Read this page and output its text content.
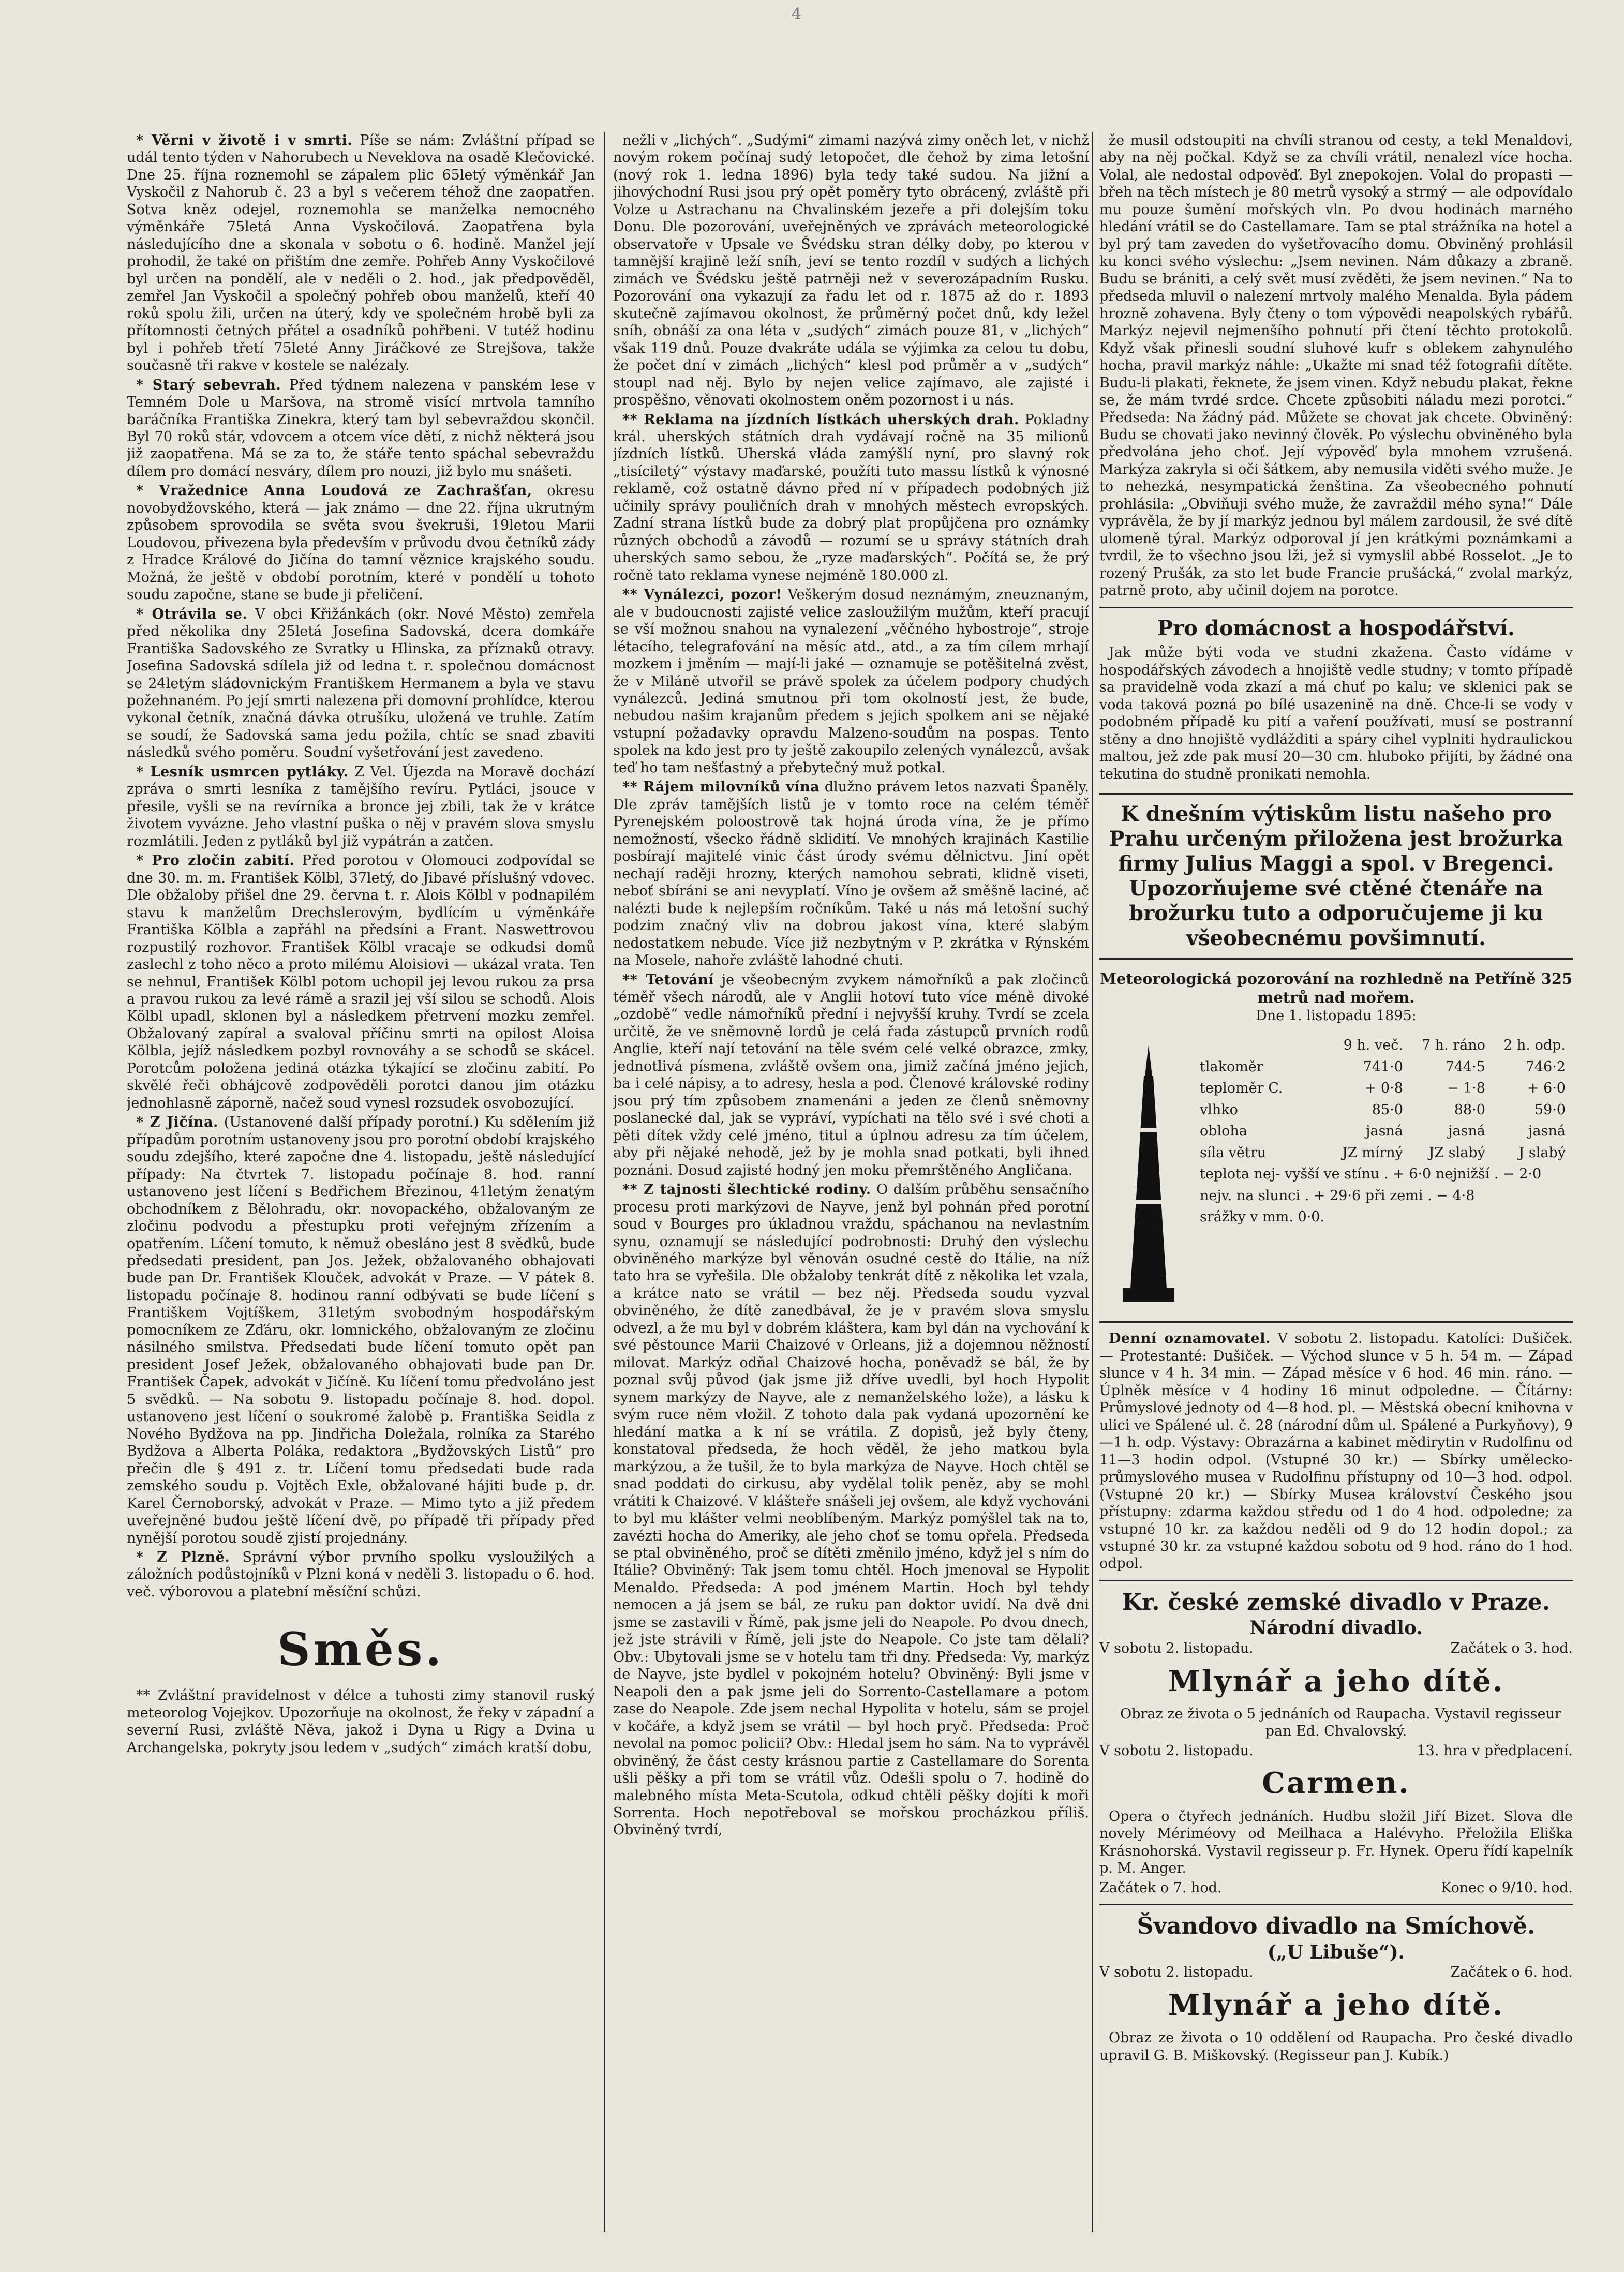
4

* Věrni v životě i v smrti. Píše se nám: Zvláštní případ se udál tento týden v Nahorubech u Neveklova na osadě Klečovické. Dne 25. října roznemohl se zápalem plic 65letý výměnkář Jan Vyskočil z Nahorub č. 23 a byl s večerem téhož dne zaopatřen. Sotva kněz odejel, roznemohla se manželka nemocného výměnkáře 75letá Anna Vyskočilová. Zaopatřena byla následujícího dne a skonala v sobotu o 6. hodině. Manžel její prohodil, že také on přištím dne zemře. Pohřeb Anny Vyskočilové byl určen na pondělí, ale v neděli o 2. hod., jak předpověděl, zemřel Jan Vyskočil a společný pohřeb obou manželů, kteří 40 roků spolu žili, určen na úterý, kdy ve společném hrobě byli za přítomnosti četných přátel a osadníků pohřbeni. V tutéž hodinu byl i pohřeb třetí 75leté Anny Jiráčkové ze Strejšova, takže současně tři rakve v kostele se nalézaly.

* Starý sebevrah. Před týdnem nalezena v panském lese v Temném Dole u Maršova, na stromě visící mrtvola tamního baráčníka Františka Zinekra, který tam byl sebevraždou skončil. Byl 70 roků stár, vdovcem a otcem více dětí, z nichž některá jsou již zaopatřena. Má se za to, že stáře tento spáchal sebevraždu dílem pro domácí nesváry, dílem pro nouzi, již bylo mu snášeti.

* Vražednice Anna Loudová ze Zachrašťan, okresu novobydžovského, která — jak známo — dne 22. října ukrutným způsobem sprovodila se světa svou švekruši, 19letou Marii Loudovou, přivezena byla především v průvodu dvou četníků zády z Hradce Králové do Jičína do tamní věznice krajského soudu. Možná, že ještě v období porotním, které v pondělí u tohoto soudu započne, stane se bude ji přeličení.

* Otrávila se. V obci Křižánkách (okr. Nové Město) zemřela před několika dny 25letá Josefina Sadovská, dcera domkáře Františka Sadovského ze Svratky u Hlinska, za příznaků otravy. Josefina Sadovská sdílela již od ledna t. r. společnou domácnost se 24letým sládovnickým Františkem Hermanem a byla ve stavu požehnaném. Po její smrti nalezena při domovní prohlídce, kterou vykonal četník, značná dávka otrušíku, uložená ve truhle. Zatím se soudí, že Sadovská sama jedu požila, chtíc se snad zbaviti následků svého poměru. Soudní vyšetřování jest zavedeno.

* Lesník usmrcen pytláky. Z Vel. Újezda na Moravě dochází zpráva o smrti lesníka z tamějšího revíru. Pytláci, jsouce v přesile, vyšli se na revírníka a bronce jej zbili, tak že v krátce životem vyvázne. Jeho vlastní puška o něj v pravém slova smyslu rozmlátili. Jeden z pytláků byl již vypátrán a zatčen.

* Pro zločin zabití. Před porotou v Olomouci zodpovídal se dne 30. m. m. František Kölbl, 37letý, do Jibavé příslušný vdovec. Dle obžaloby přišel dne 29. června t. r. Alois Kölbl v podnapilém stavu k manželům Drechslerovým, bydlícím u výměnkáře Františka Kölbla a zapřáhl na předsíni a Frant. Naswettrovou rozpustilý rozhovor. František Kölbl vracaje se odkudsi domů zaslechl z toho něco a proto milému Aloisiovi — ukázal vrata. Ten se nehnul, František Kölbl potom uchopil jej levou rukou za prsa a pravou rukou za levé rámě a srazil jej vší silou se schodů. Alois Kölbl upadl, sklonen byl a následkem přetrvení mozku zemřel. Obžalovaný zapíral a svaloval příčinu smrti na opilost Aloisa Kölbla, jejíž následkem pozbyl rovnováhy a se schodů se skácel. Porotcům položena jediná otázka týkající se zločinu zabití. Po skvělé řeči obhájcově zodpověděli porotci danou jim otázku jednohlasně záporně, načež soud vynesl rozsudek osvobozující.

* Z Jičína. (Ustanovené další případy porotní.) Ku sdělením již případům porotním ustanoveny jsou pro porotní období krajského soudu zdejšího, které započne dne 4. listopadu, ještě následující případy: Na čtvrtek 7. listopadu počínaje 8. hod. ranní ustanoveno jest líčení s Bedřichem Březinou, 41letým ženatým obchodníkem z Bělohradu, okr. novopackého, obžalovaným ze zločinu podvodu a přestupku proti veřejným zřízením a opatřením. Líčení tomuto, k němuž obesláno jest 8 svědků, bude předsedati president, pan Jos. Ježek, obžalovaného obhajovati bude pan Dr. František Klouček, advokát v Praze. — V pátek 8. listopadu počínaje 8. hodinou ranní odbývati se bude líčení s Františkem Vojtíškem, 31letým svobodným hospodářským pomocníkem ze Zďáru, okr. lomnického, obžalovaným ze zločinu násilného smilstva. Předsedati bude líčení tomuto opět pan president Josef Ježek, obžalovaného obhajovati bude pan Dr. František Čapek, advokát v Jičíně. Ku líčení tomu předvoláno jest 5 svědků. — Na sobotu 9. listopadu počínaje 8. hod. dopol. ustanoveno jest líčení o soukromé žalobě p. Františka Seidla z Nového Bydžova na pp. Jindřicha Doležala, rolníka za Starého Bydžova a Alberta Poláka, redaktora „Bydžovských Listů“ pro přečin dle § 491 z. tr. Líčení tomu předsedati bude rada zemského soudu p. Vojtěch Exle, obžalované hájiti bude p. dr. Karel Černoborský, advokát v Praze. — Mimo tyto a již předem uveřejněné budou ještě líčení dvě, po případě tři případy před nynější porotou soudě zjistí projednány.

* Z Plzně. Správní výbor prvního spolku vysloužilých a záložních podůstojníků v Plzni koná v neděli 3. listopadu o 6. hod. več. výborovou a platební měsíční schůzi.

Směs.

** Zvláštní pravidelnost v délce a tuhosti zimy stanovil ruský meteorolog Vojejkov. Upozorňuje na okolnost, že řeky v západní a severní Rusi, zvláště Něva, jakož i Dyna u Rigy a Dvina u Archangelska, pokryty jsou ledem v „sudých“ zimách kratší dobu,

nežli v „lichých“. „Sudými“ zimami nazývá zimy oněch let, v nichž novým rokem počínaj sudý letopočet, dle čehož by zima letošní (nový rok 1. ledna 1896) byla tedy také sudou. Na jižní a jihovýchodní Rusi jsou prý opět poměry tyto obrácený, zvláště při Volze u Astrachanu na Chvalinském jezeře a při dolejším toku Donu. Dle pozorování, uveřejněných ve zprávách meteorologické observatoře v Upsale ve Švédsku stran délky doby, po kterou v tamnější krajině leží sníh, jeví se tento rozdíl v sudých a lichých zimách ve Švédsku ještě patrněji než v severozápadním Rusku. Pozorování ona vykazují za řadu let od r. 1875 až do r. 1893 skutečně zajímavou okolnost, že průměrný počet dnů, kdy ležel sníh, obnáší za ona léta v „sudých“ zimách pouze 81, v „lichých“ však 119 dnů. Pouze dvakráte udála se výjimka za celou tu dobu, že počet dní v zimách „lichých“ klesl pod průměr a v „sudých“ stoupl nad něj. Bylo by nejen velice zajímavo, ale zajisté i prospěšno, věnovati okolnostem oněm pozornost i u nás.

** Reklama na jízdních lístkách uherských drah. Pokladny král. uherských státních drah vydávají ročně na 35 milionů jízdních lístků. Uherská vláda zamýšlí nyní, pro slavný rok „tisíciletý“ výstavy maďarské, použíti tuto massu lístků k výnosné reklamě, což ostatně dávno před ní v případech podobných již učinily správy pouličních drah v mnohých městech evropských. Zadní strana lístků bude za dobrý plat propůjčena pro oznámky různých obchodů a závodů — rozumí se u správy státních drah uherských samo sebou, že „ryze maďarských“. Počítá se, že prý ročně tato reklama vynese nejméně 180.000 zl.

** Vynálezci, pozor! Veškerým dosud neznámým, zneuznaným, ale v budoucnosti zajisté velice zasloužilým mužům, kteří pracují se vší možnou snahou na vynalezení „věčného hybostroje“, stroje létacího, telegrafování na měsíc atd., atd., a za tím cílem mrhají mozkem i jměním — mají-li jaké — oznamuje se potěšitelná zvěst, že v Miláně utvořil se právě spolek za účelem podpory chudých vynálezců. Jediná smutnou při tom okolností jest, že bude, nebudou našim krajanům předem s jejich spolkem ani se nějaké vstupní požadavky opravdu Malzeno-soudům na pospas. Tento spolek na kdo jest pro ty ještě zakoupilo zelených vynálezců, avšak teď ho tam nešťastný a přebytečný muž potkal.

** Rájem milovníků vína dlužno právem letos nazvati Španěly. Dle zpráv tamějších listů je v tomto roce na celém téměř Pyrenejském poloostrově tak hojná úroda vína, že je přímo nemožností, všecko řádně sklidití. Ve mnohých krajinách Kastilie posbírají majitelé vinic část úrody svému dělnictvu. Jiní opět nechají raději hrozny, kterých namohou sebrati, klidně viseti, neboť sbíráni se ani nevyplatí. Víno je ovšem až směšně laciné, ač nalézti bude k nejlepším ročníkům. Také u nás má letošní suchý podzim značný vliv na dobrou jakost vína, které slabým nedostatkem nebude. Více již nezbytným v P. zkrátka v Rýnském na Mosele, nahoře zvláště lahodné chuti.

** Tetování je všeobecným zvykem námořníků a pak zločinců téměř všech národů, ale v Anglii hotoví tuto více méně divoké „ozdobě“ vedle námořníků přední i nejvyšší kruhy. Tvrdí se zcela určitě, že ve sněmovně lordů je celá řada zástupců prvních rodů Anglie, kteří nají tetování na těle svém celé velké obrazce, zmky, jednotlivá písmena, zvláště ovšem ona, jimiž začíná jméno jejich, ba i celé nápisy, a to adresy, hesla a pod. Členové královské rodiny jsou prý tím způsobem znamenáni a jeden ze členů sněmovny poslanecké dal, jak se vypráví, vypíchati na tělo své i své choti a pěti dítek vždy celé jméno, titul a úplnou adresu za tím účelem, aby při nějaké nehodě, jež by je mohla snad potkati, byli ihned poznáni. Dosud zajisté hodný jen moku přemrštěného Angličana.

** Z tajnosti šlechtické rodiny. O dalším průběhu sensačního procesu proti markýzovi de Nayve, jenž byl pohnán před porotní soud v Bourges pro úkladnou vraždu, spáchanou na nevlastním synu, oznamují se následující podrobnosti: Druhý den výslechu obviněného markýze byl věnován osudné cestě do Itálie, na níž tato hra se vyřešila. Dle obžaloby tenkrát dítě z několika let vzala, a krátce nato se vrátil — bez něj. Předseda soudu vyzval obviněného, že dítě zanedbával, že je v pravém slova smyslu odvezl, a že mu byl v dobrém kláštera, kam byl dán na vychování k své pěstounce Marii Chaizové v Orleans, již a dojemnou něžností milovat. Markýz odňal Chaizové hocha, poněvadž se bál, že by poznal svůj původ (jak jsme již dříve uvedli, byl hoch Hypolit synem markýzy de Nayve, ale z nemanželského lože), a lásku k svým ruce něm vložil. Z tohoto dala pak vydaná upozornění ke hledání matka a k ní se vrátila. Z dopisů, jež byly čteny, konstatoval předseda, že hoch věděl, že jeho matkou byla markýzou, a že tušil, že to byla markýza de Nayve. Hoch chtěl se snad poddati do cirkusu, aby vydělal tolik peněz, aby se mohl vrátiti k Chaizové. V klášteře snášeli jej ovšem, ale když vychováni to byl mu klášter velmi neoblíbeným. Markýz pomýšlel tak na to, zavézti hocha do Ameriky, ale jeho choť se tomu opřela. Předseda se ptal obviněného, proč se dítěti změnilo jméno, když jel s ním do Itálie? Obviněný: Tak jsem tomu chtěl. Hoch jmenoval se Hypolit Menaldo. Předseda: A pod jménem Martin. Hoch byl tehdy nemocen a já jsem se bál, ze ruku pan doktor uvidí. Na dvě dni jsme se zastavili v Římě, pak jsme jeli do Neapole. Po dvou dnech, jež jste strávili v Římě, jeli jste do Neapole. Co jste tam dělali? Obv.: Ubytovali jsme se v hotelu tam tři dny. Předseda: Vy, markýz de Nayve, jste bydlel v pokojném hotelu? Obviněný: Byli jsme v Neapoli den a pak jsme jeli do Sorrento-Castellamare a potom zase do Neapole. Zde jsem nechal Hypolita v hotelu, sám se projel v kočáře, a když jsem se vrátil — byl hoch pryč. Předseda: Proč nevolal na pomoc policii? Obv.: Hledal jsem ho sám. Na to vyprávěl obviněný, že část cesty krásnou partie z Castellamare do Sorenta ušli pěšky a při tom se vrátil vůz. Odešli spolu o 7. hodině do malebného místa Meta-Scutola, odkud chtěli pěšky dojíti k moři Sorrenta. Hoch nepotřeboval se mořskou procházkou příliš. Obviněný tvrdí,

že musil odstoupiti na chvíli stranou od cesty, a tekl Menaldovi, aby na něj počkal. Když se za chvíli vrátil, nenalezl více hocha. Volal, ale nedostal odpověď. Byl znepokojen. Volal do propasti — břeh na těch místech je 80 metrů vysoký a strmý — ale odpovídalo mu pouze šumění mořských vln. Po dvou hodinách marného hledání vrátil se do Castellamare. Tam se ptal strážníka na hotel a byl prý tam zaveden do vyšetřovacího domu. Obviněný prohlásil ku konci svého výslechu: „Jsem nevinen. Nám důkazy a zbraně. Budu se brániti, a celý svět musí zvěděti, že jsem nevinen.“ Na to předseda mluvil o nalezení mrtvoly malého Menalda. Byla pádem hrozně zohavena. Byly čteny o tom výpovědi neapolských rybářů. Markýz nejevil nejmenšího pohnutí při čtení těchto protokolů. Když však přinesli soudní sluhové kufr s oblekem zahynulého hocha, pravil markýz náhle: „Ukažte mi snad též fotografii dítěte. Budu-li plakati, řeknete, že jsem vinen. Když nebudu plakat, řekne se, že mám tvrdé srdce. Chcete způsobiti náladu mezi porotci.“ Předseda: Na žádný pád. Můžete se chovat jak chcete. Obviněný: Budu se chovati jako nevinný člověk. Po výslechu obviněného byla předvolána jeho choť. Její výpověď byla mnohem vzrušená. Markýza zakryla si oči šátkem, aby nemusila viděti svého muže. Je to nehezká, nesympatická ženština. Za všeobecného pohnutí prohlásila: „Obviňuji svého muže, že zavraždil mého syna!“ Dále vyprávěla, že by jí markýz jednou byl málem zardousil, že své dítě ulomeně týral. Markýz odporoval jí jen krátkými poznámkami a tvrdil, že to všechno jsou lži, jež si vymyslil abbé Rosselot. „Je to rozený Prušák, za sto let bude Francie prušácká,“ zvolal markýz, patrně proto, aby učinil dojem na porotce.

Pro domácnost a hospodářství.

Jak může býti voda ve studni zkažena. Často vídáme v hospodářských závodech a hnojiště vedle studny; v tomto případě sa pravidelně voda zkazí a má chuť po kalu; ve sklenici pak se voda taková pozná po bílé usazenině na dně. Chce-li se vody v podobném případě ku pití a vaření používati, musí se postranní stěny a dno hnojiště vydlážditi a spáry cihel vyplniti hydraulickou maltou, jež zde pak musí 20—30 cm. hluboko přijíti, by žádné ona tekutina do studně pronikati nemohla.

K dnešním výtiskům listu našeho pro Prahu určeným přiložena jest brožurka firmy Julius Maggi a spol. v Bregenci. Upozorňujeme své ctěné čtenáře na brožurku tuto a odporučujeme ji ku všeobecnému povšimnutí.
Meteorologická pozorování na rozhledně na Petříně 325 metrů nad mořem.
Dne 1. listopadu 1895:
	9 h. več.	7 h. ráno	2 h. odp.
tlakoměr	741·0	744·5	746·2
teploměr C.	+ 0·8	− 1·8	+ 6·0
vlhko	85·0	88·0	59·0
obloha	jasná	jasná	jasná
síla větru	JZ mírný	JZ slabý	J slabý
teplota nej- vyšší ve stínu . + 6·0 nejnižší . − 2·0			
nejv. na slunci . + 29·6 při zemi . − 4·8			
srážky v mm. 0·0.			

Denní oznamovatel. V sobotu 2. listopadu. Katolíci: Dušiček. — Protestanté: Dušiček. — Východ slunce v 5 h. 54 m. — Západ slunce v 4 h. 34 min. — Západ měsíce v 6 hod. 46 min. ráno. — Úplněk měsíce v 4 hodiny 16 minut odpoledne. — Čítárny: Průmyslové jednoty od 4—8 hod. pl. — Městská obecní knihovna v ulici ve Spálené ul. č. 28 (národní dům ul. Spálené a Purkyňovy), 9—1 h. odp. Výstavy: Obrazárna a kabinet mědirytin v Rudolfinu od 11—3 hodin odpol. (Vstupné 30 kr.) — Sbírky umělecko-průmyslového musea v Rudolfinu přístupny od 10—3 hod. odpol. (Vstupné 20 kr.) — Sbírky Musea království Českého jsou přístupny: zdarma každou středu od 1 do 4 hod. odpoledne; za vstupné 10 kr. za každou neděli od 9 do 12 hodin dopol.; za vstupné 30 kr. za vstupné každou sobotu od 9 hod. ráno do 1 hod. odpol.

Kr. české zemské divadlo v Praze.
Národní divadlo.
V sobotu 2. listopadu.	Začátek o 3. hod.
Mlynář a jeho dítě.

Obraz ze života o 5 jednáních od Raupacha. Vystavil regisseur pan Ed. Chvalovský.

V sobotu 2. listopadu.	13. hra v předplacení.
Carmen.

Opera o čtyřech jednáních. Hudbu složil Jiří Bizet. Slova dle novely Mériméovy od Meilhaca a Halévyho. Přeložila Eliška Krásnohorská. Vystavil regisseur p. Fr. Hynek. Operu řídí kapelník p. M. Anger.

Začátek o 7. hod.	Konec o 9/10. hod.
Švandovo divadlo na Smíchově.
(„U Libuše“).
V sobotu 2. listopadu.	Začátek o 6. hod.
Mlynář a jeho dítě.

Obraz ze života o 10 oddělení od Raupacha. Pro české divadlo upravil G. B. Miškovský. (Regisseur pan J. Kubík.)
